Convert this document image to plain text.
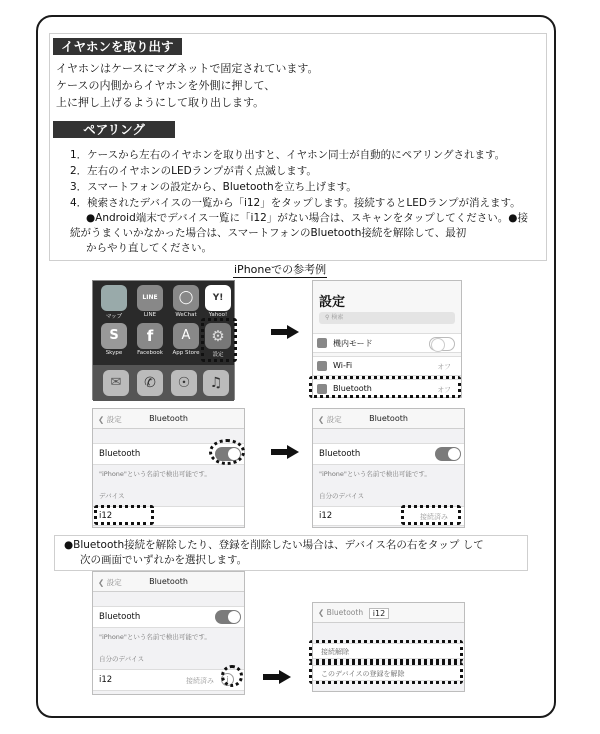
イヤホンを取り出す
イヤホンはケースにマグネットで固定されています。
ケースの内側からイヤホンを外側に押して、
上に押し上げるようにして取り出します。
ペアリング
1．ケースから左右のイヤホンを取り出すと、イヤホン同士が自動的にペアリングされます。
2．左右のイヤホンのLEDランプが青く点滅します。
3．スマートフォンの設定から、Bluetoothを立ち上げます。
4．検索されたデバイスの一覧から「i12」をタップします。接続するとLEDランプが消えます。
●Android端末でデバイス一覧に「i12」がない場合は、スキャンをタップしてください。●接
続がうまくいかなかった場合は、スマートフォンのBluetooth接続を解除して、最初
からやり直してください。
iPhoneでの参考例
LINE	◯	Y!
マップ	LINE	WeChat	Yahoo!
S	f	A	⚙
Skype	Facebook	App Store	設定
✉	✆	☉	♫
設定
⚲ 検索
機内モード
Wi-Fi	オフ
Bluetooth	オフ
❮ 設定	Bluetooth
Bluetooth
"iPhone"という名前で検出可能です。
デバイス
i12
❮ 設定	Bluetooth
Bluetooth
"iPhone"という名前で検出可能です。
自分のデバイス
i12	接続済み
●Bluetooth接続を解除したり、登録を削除したい場合は、デバイス名の右をタップ して
次の画面でいずれかを選択します。
❮ 設定	Bluetooth
Bluetooth
"iPhone"という名前で検出可能です。
自分のデバイス
i12	接続済み	i
❮ Bluetooth	i12
接続解除
このデバイスの登録を解除
